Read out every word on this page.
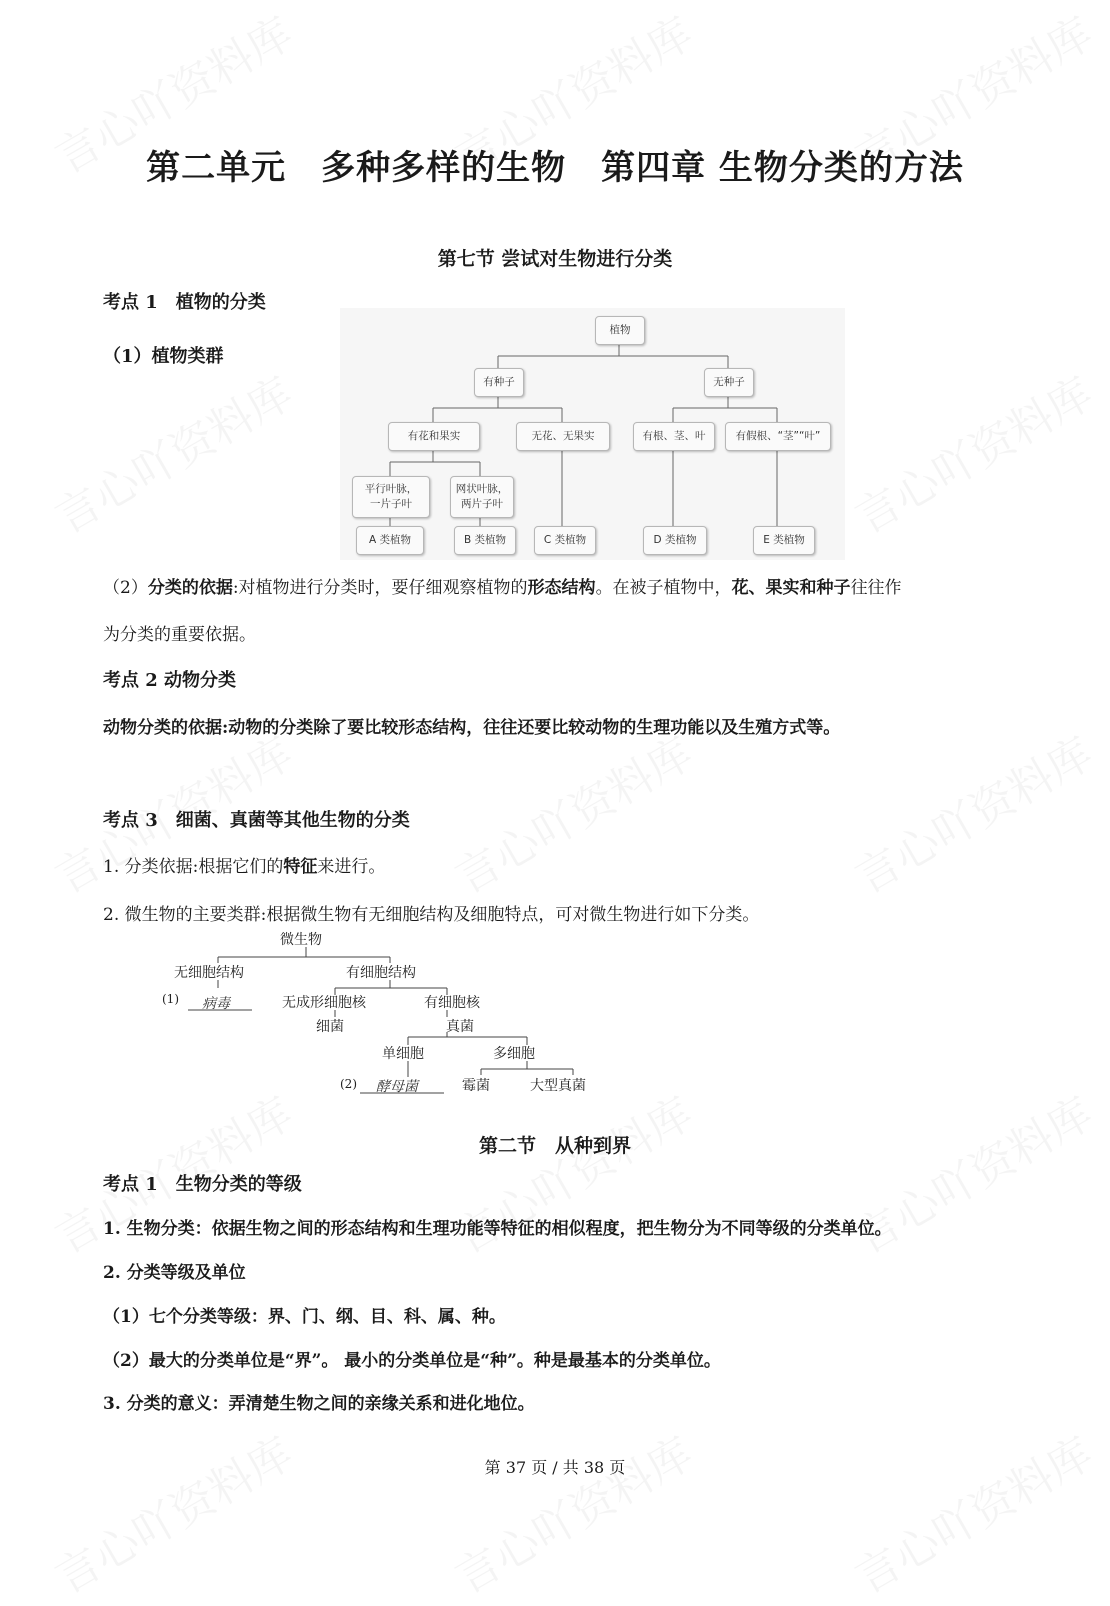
第二单元　多种多样的生物　第四章 生物分类的方法
第七节 尝试对生物进行分类
考点 1　植物的分类
（1）植物类群
植物
有种子	无种子
有花和果实	无花、无果实	有根、茎、叶	有假根、“茎”“叶”
平行叶脉，
一片子叶
网状叶脉，
两片子叶
A 类植物	B 类植物	C 类植物	D 类植物	E 类植物
（2）分类的依据:对植物进行分类时，要仔细观察植物的形态结构。在被子植物中，花、果实和种子往往作
为分类的重要依据。
考点 2 动物分类
动物分类的依据:动物的分类除了要比较形态结构，往往还要比较动物的生理功能以及生殖方式等。
考点 3　细菌、真菌等其他生物的分类
1. 分类依据:根据它们的特征来进行。
2. 微生物的主要类群:根据微生物有无细胞结构及细胞特点，可对微生物进行如下分类。
微生物
无细胞结构	有细胞结构
(1) 病毒	无成形细胞核	有细胞核
细菌	真菌
单细胞	多细胞
(2) 酵母菌	霉菌	大型真菌
第二节　从种到界
考点 1　生物分类的等级
1. 生物分类：依据生物之间的形态结构和生理功能等特征的相似程度，把生物分为不同等级的分类单位。
2. 分类等级及单位
（1）七个分类等级：界、门、纲、目、科、属、种。
（2）最大的分类单位是“界”。 最小的分类单位是“种”。种是最基本的分类单位。
3. 分类的意义：弄清楚生物之间的亲缘关系和进化地位。
第 37 页 / 共 38 页
